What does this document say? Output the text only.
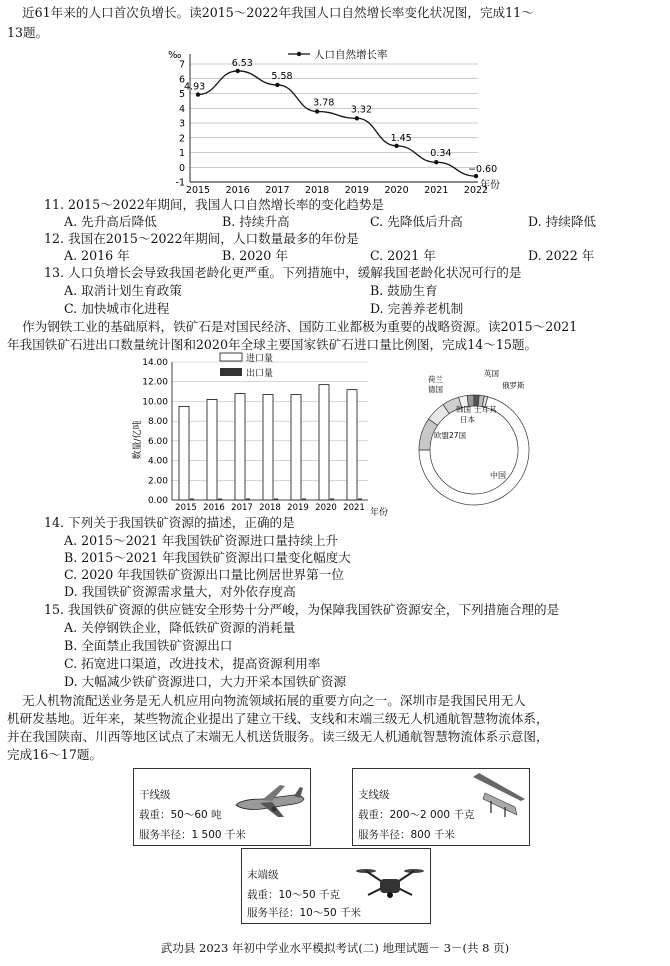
近61年来的人口首次负增长。读2015～2022年我国人口自然增长率变化状况图，完成11～
13题。
-1
0
1
2
3
4
5
6
7
2015 2016 2017 2018 2019 2020 2021 2022
4.93
6.53
5.58
3.78
3.32
1.45
0.34
−0.60
‰	人口自然增长率
年份
11. 2015～2022年期间，我国人口自然增长率的变化趋势是
A. 先升高后降低	B. 持续升高	C. 先降低后升高	D. 持续降低
12. 我国在2015～2022年期间，人口数量最多的年份是
A. 2016 年	B. 2020 年	C. 2021 年	D. 2022 年
13. 人口负增长会导致我国老龄化更严重。下列措施中，缓解我国老龄化状况可行的是
A. 取消计划生育政策	B. 鼓励生育
C. 加快城市化进程	D. 完善养老机制
作为钢铁工业的基础原料，铁矿石是对国民经济、国防工业都极为重要的战略资源。读2015～2021
年我国铁矿石进出口数量统计图和2020年全球主要国家铁矿石进口量比例图，完成14～15题。
0.00
2.00
4.00
6.00
8.00
10.00
12.00
14.00
2015 2016 2017 2018 2019 2020 2021
进口量
出口量
数量/亿吨
年份
荷兰
德国
英国
俄罗斯
土耳其
韩国
日本
欧盟27国
中国
14. 下列关于我国铁矿资源的描述，正确的是
A. 2015～2021 年我国铁矿资源进口量持续上升
B. 2015～2021 年我国铁矿资源出口量变化幅度大
C. 2020 年我国铁矿资源出口量比例居世界第一位
D. 我国铁矿资源需求量大，对外依存度高
15. 我国铁矿资源的供应链安全形势十分严峻，为保障我国铁矿资源安全，下列措施合理的是
A. 关停钢铁企业，降低铁矿资源的消耗量
B. 全面禁止我国铁矿资源出口
C. 拓宽进口渠道，改进技术，提高资源利用率
D. 大幅减少铁矿资源进口，大力开采本国铁矿资源
无人机物流配送业务是无人机应用向物流领域拓展的重要方向之一。深圳市是我国民用无人
机研发基地。近年来，某些物流企业提出了建立干线、支线和末端三级无人机通航智慧物流体系，
并在我国陕南、川西等地区试点了末端无人机送货服务。读三级无人机通航智慧物流体系示意图，
完成16～17题。
干线级
载重：50～60 吨
服务半径：1 500 千米
支线级
载重：200～2 000 千克
服务半径：800 千米
末端级
载重：10～50 千克
服务半径：10～50 千米
武功县 2023 年初中学业水平模拟考试(二) 地理试题－ 3－(共 8 页)
